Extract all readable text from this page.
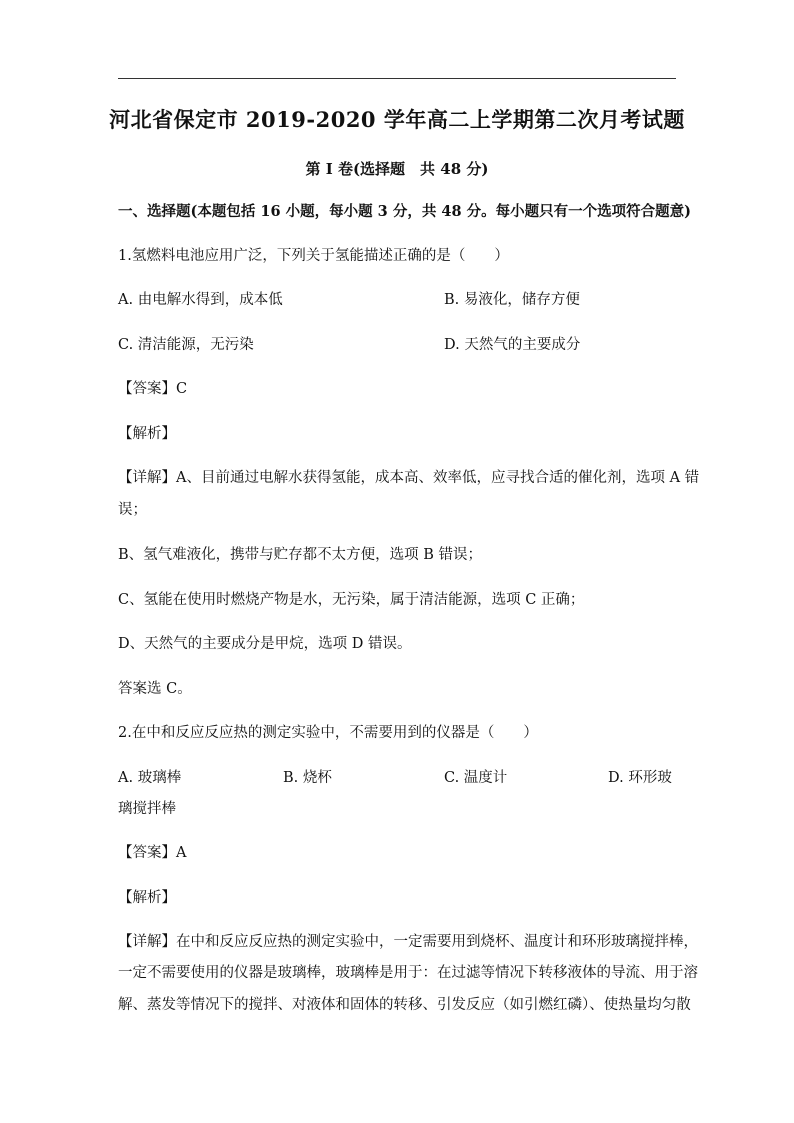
河北省保定市 2019-2020 学年高二上学期第二次月考试题
第 I 卷(选择题　共 48 分)
一、选择题(本题包括 16 小题，每小题 3 分，共 48 分。每小题只有一个选项符合题意)
1.氢燃料电池应用广泛，下列关于氢能描述正确的是（　　）
A. 由电解水得到，成本低	B. 易液化，储存方便
C. 清洁能源，无污染	D. 天然气的主要成分
【答案】C
【解析】
【详解】A、目前通过电解水获得氢能，成本高、效率低，应寻找合适的催化剂，选项 A 错
误；
B、氢气难液化，携带与贮存都不太方便，选项 B 错误；
C、氢能在使用时燃烧产物是水，无污染，属于清洁能源，选项 C 正确；
D、天然气的主要成分是甲烷，选项 D 错误。
答案选 C。
2.在中和反应反应热的测定实验中，不需要用到的仪器是（　　）
A. 玻璃棒	B. 烧杯	C. 温度计	D. 环形玻
璃搅拌棒
【答案】A
【解析】
【详解】在中和反应反应热的测定实验中，一定需要用到烧杯、温度计和环形玻璃搅拌棒，
一定不需要使用的仪器是玻璃棒，玻璃棒是用于：在过滤等情况下转移液体的导流、用于溶
解、蒸发等情况下的搅拌、对液体和固体的转移、引发反应（如引燃红磷）、使热量均匀散
